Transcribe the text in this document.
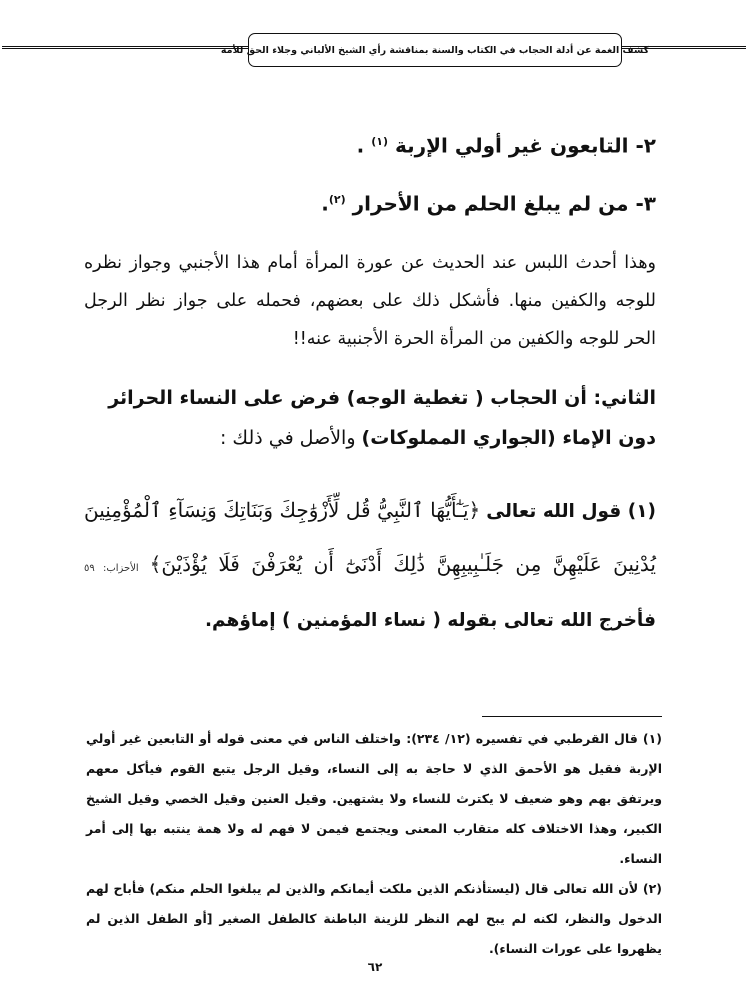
كشف الغمة عن أدلة الحجاب في الكتاب والسنة بمناقشة رأي الشيخ الألباني وجلاء الحق للأمة
٢- التابعون غير أولي الإربة $^{(١)}$ .
٣- من لم يبلغ الحلم من الأحرار $^{(٢)}$.
وهذا أحدث اللبس عند الحديث عن عورة المرأة أمام هذا الأجنبي وجواز نظره للوجه والكفين منها. فأشكل ذلك على بعضهم، فحمله على جواز نظر الرجل الحر للوجه والكفين من المرأة الحرة الأجنبية عنه!!
الثاني: أن الحجاب ( تغطية الوجه) فرض على النساء الحرائر دون الإماء (الجواري المملوكات) والأصل في ذلك :
(١) قول الله تعالى ﴿يَـٰٓأَيُّهَا ٱلنَّبِيُّ قُل لِّأَزْوَٰجِكَ وَبَنَاتِكَ وَنِسَآءِ ٱلْمُؤْمِنِينَ يُدْنِينَ عَلَيْهِنَّ مِن جَلَـٰبِيبِهِنَّ ذَٰلِكَ أَدْنَىٰٓ أَن يُعْرَفْنَ فَلَا يُؤْذَيْنَ﴾ الأحزاب: ٥٩ فأخرج الله تعالى بقوله ( نساء المؤمنين ) إماؤهم.

(١) قال القرطبي في تفسيره (١٢/ ٢٣٤): واختلف الناس في معنى قوله أو التابعين غير أولي الإربة فقيل هو الأحمق الذي لا حاجة به إلى النساء، وقيل الرجل يتبع القوم فيأكل معهم ويرتفق بهم وهو ضعيف لا يكترث للنساء ولا يشتهين. وقيل العنين وقيل الخصي وقيل الشيخ الكبير، وهذا الاختلاف كله متقارب المعنى ويجتمع فيمن لا فهم له ولا همة ينتبه بها إلى أمر النساء.

(٢) لأن الله تعالى قال (ليستأذنكم الذين ملكت أيمانكم والذين لم يبلغوا الحلم منكم) فأباح لهم الدخول والنظر، لكنه لم يبح لهم النظر للزينة الباطنة كالطفل الصغير [أو الطفل الذين لم يظهروا على عورات النساء).

٦٢
